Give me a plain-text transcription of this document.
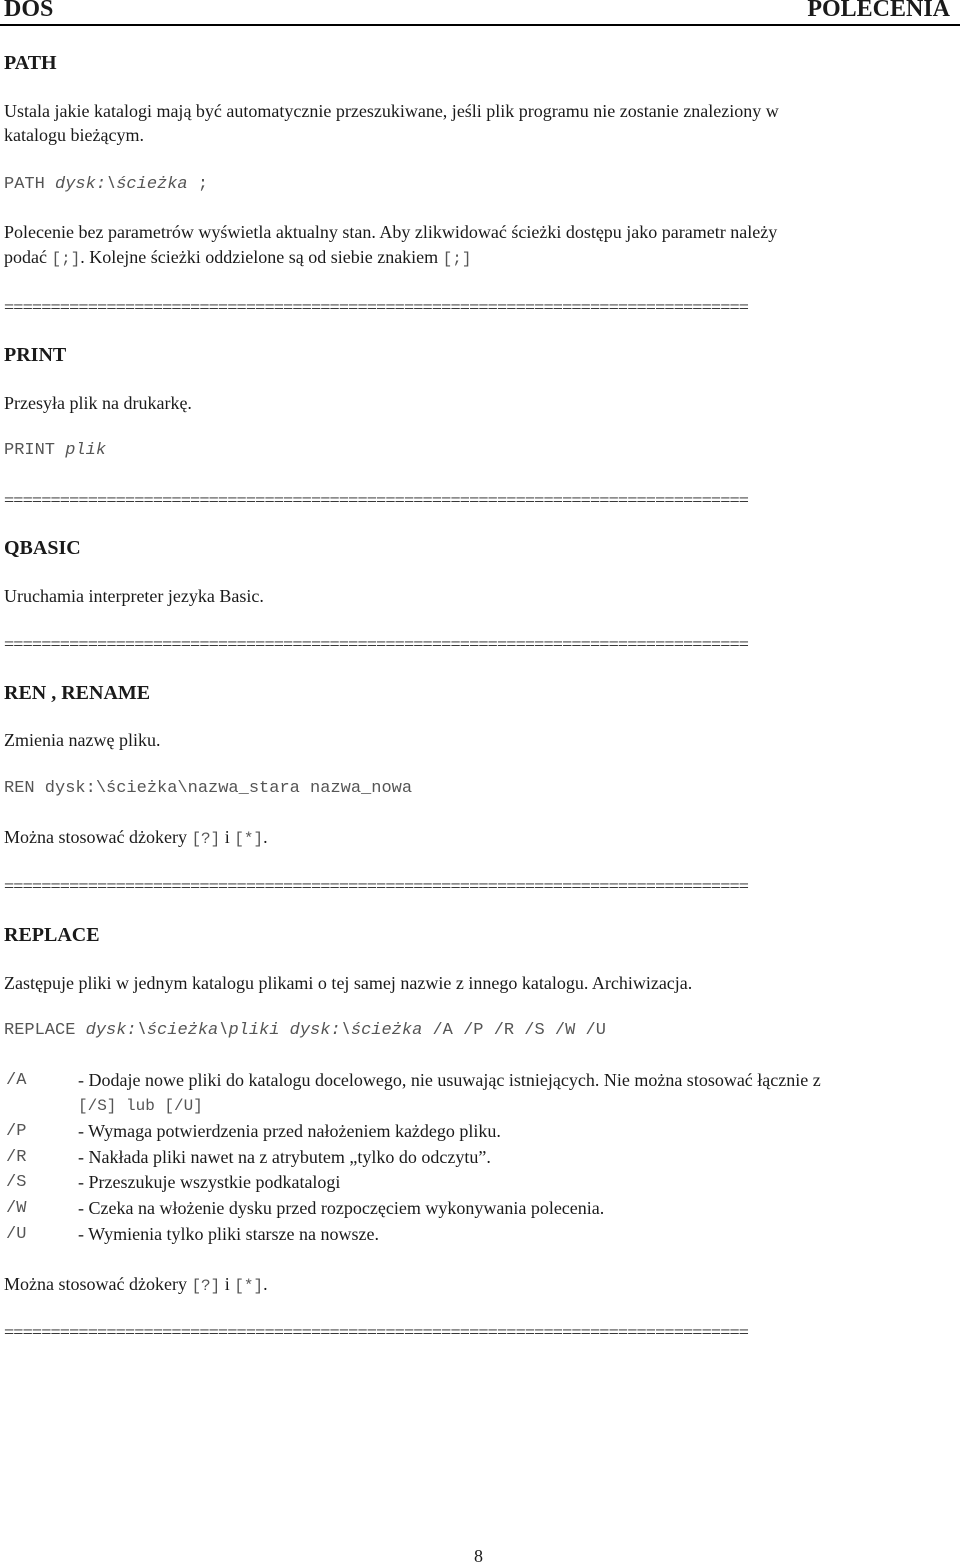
DOS	POLECENIA
PATH
Ustala jakie katalogi mają być automatycznie przeszukiwane, jeśli plik programu nie zostanie znaleziony w
katalogu bieżącym.
PATH dysk:\ścieżka ;
Polecenie bez parametrów wyświetla aktualny stan. Aby zlikwidować ścieżki dostępu jako parametr należy
podać [;]. Kolejne ścieżki oddzielone są od siebie znakiem [;]
================================================================================
PRINT
Przesyła plik na drukarkę.
PRINT plik
================================================================================
QBASIC
Uruchamia interpreter jezyka Basic.
================================================================================
REN , RENAME
Zmienia nazwę pliku.
REN dysk:\ścieżka\nazwa_stara nazwa_nowa
Można stosować dżokery [?] i [*].
================================================================================
REPLACE
Zastępuje pliki w jednym katalogu plikami o tej samej nazwie z innego katalogu. Archiwizacja.
REPLACE dysk:\ścieżka\pliki dysk:\ścieżka /A /P /R /S /W /U
/A	- Dodaje nowe pliki do katalogu docelowego, nie usuwając istniejących. Nie można stosować łącznie z
[/S] lub [/U]
/P	- Wymaga potwierdzenia przed nałożeniem każdego pliku.
/R	- Nakłada pliki nawet na z atrybutem „tylko do odczytu”.
/S	- Przeszukuje wszystkie podkatalogi
/W	- Czeka na włożenie dysku przed rozpoczęciem wykonywania polecenia.
/U	- Wymienia tylko pliki starsze na nowsze.
Można stosować dżokery [?] i [*].
================================================================================
8
